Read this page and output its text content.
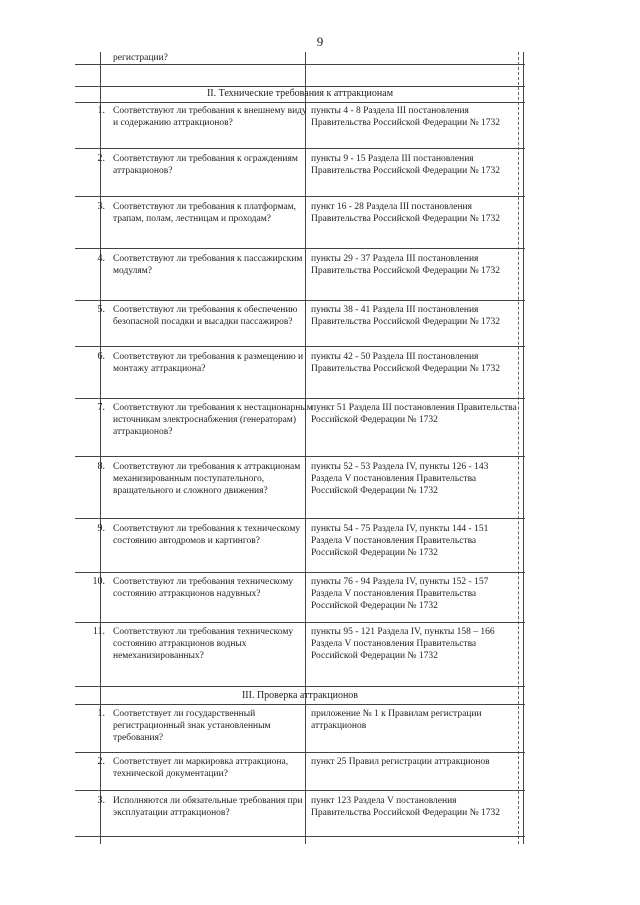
9
регистрации?
II. Технические требования к аттракционам
1. Соответствуют ли требования к внешнему виду и содержанию аттракционов?
пункты 4 - 8 Раздела III постановления Правительства Российской Федерации № 1732
2. Соответствуют ли требования к ограждениям аттракционов?
пункты 9 - 15 Раздела III постановления Правительства Российской Федерации № 1732
3. Соответствуют ли требования к платформам, трапам, полам, лестницам и проходам?
пункт 16 - 28 Раздела III постановления Правительства Российской Федерации № 1732
4. Соответствуют ли требования к пассажирским модулям?
пункты 29 - 37 Раздела III постановления Правительства Российской Федерации № 1732
5. Соответствуют ли требования к обеспечению безопасной посадки и высадки пассажиров?
пункты 38 - 41 Раздела III постановления Правительства Российской Федерации № 1732
6. Соответствуют ли требования к размещению и монтажу аттракциона?
пункты 42 - 50 Раздела III постановления Правительства Российской Федерации № 1732
7. Соответствуют ли требования к нестационарным источникам электроснабжения (генераторам) аттракционов?
пункт 51 Раздела III постановления Правительства Российской Федерации № 1732
8. Соответствуют ли требования к аттракционам механизированным поступательного, вращательного и сложного движения?
пункты 52 - 53 Раздела IV, пункты 126 - 143 Раздела V постановления Правительства Российской Федерации № 1732
9. Соответствуют ли требования к техническому состоянию автодромов и картингов?
пункты 54 - 75 Раздела IV, пункты 144 - 151 Раздела V постановления Правительства Российской Федерации № 1732
10. Соответствуют ли требования техническому состоянию аттракционов надувных?
пункты 76 - 94 Раздела IV, пункты 152 - 157 Раздела V постановления Правительства Российской Федерации № 1732
11. Соответствуют ли требования техническому состоянию аттракционов водных немеханизированных?
пункты 95 - 121 Раздела IV, пункты 158 – 166 Раздела V постановления Правительства Российской Федерации № 1732
III. Проверка аттракционов
1. Соответствует ли государственный регистрационный знак установленным требования?
приложение № 1 к Правилам регистрации аттракционов
2. Соответствует ли маркировка аттракциона, технической документации?
пункт 25 Правил регистрации аттракционов
3. Исполняются ли обязательные требования при эксплуатации аттракционов?
пункт 123 Раздела V постановления Правительства Российской Федерации № 1732
